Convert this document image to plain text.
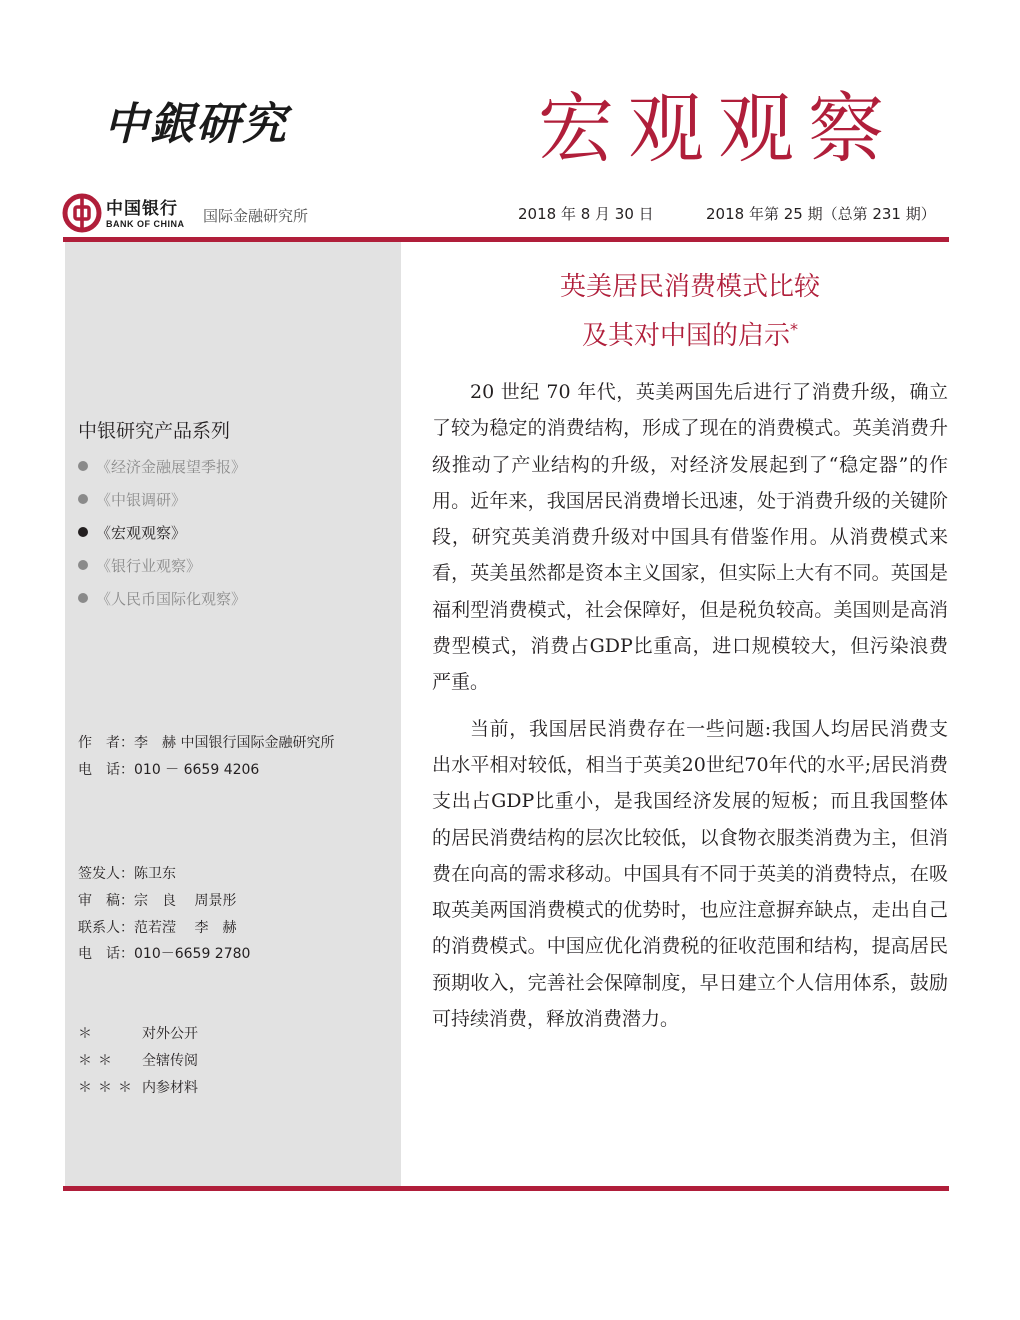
中銀研究	宏观观察
中国银行
BANK OF CHINA 国际金融研究所	2018 年 8 月 30 日	2018 年第 25 期（总第 231 期）
中银研究产品系列
《经济金融展望季报》
《中银调研》
《宏观观察》
《银行业观察》
《人民币国际化观察》
作　者：李　赫 中国银行国际金融研究所
电　话：010 － 6659 4206
签发人：陈卫东
审　稿：宗　良　 周景彤
联系人：范若滢　 李　赫
电　话：010－6659 2780
＊	对外公开
＊＊ 全辖传阅
＊＊＊ 内参材料
英美居民消费模式比较
及其对中国的启示*

20 世纪 70 年代，英美两国先后进行了消费升级，确立了较为稳定的消费结构，形成了现在的消费模式。英美消费升级推动了产业结构的升级，对经济发展起到了“稳定器”的作用。近年来，我国居民消费增长迅速，处于消费升级的关键阶段，研究英美消费升级对中国具有借鉴作用。从消费模式来看，英美虽然都是资本主义国家，但实际上大有不同。英国是福利型消费模式，社会保障好，但是税负较高。美国则是高消费型模式，消费占GDP比重高，进口规模较大，但污染浪费严重。

当前，我国居民消费存在一些问题:我国人均居民消费支出水平相对较低，相当于英美20世纪70年代的水平;居民消费支出占GDP比重小，是我国经济发展的短板；而且我国整体的居民消费结构的层次比较低，以食物衣服类消费为主，但消费在向高的需求移动。中国具有不同于英美的消费特点，在吸取英美两国消费模式的优势时，也应注意摒弃缺点，走出自己的消费模式。中国应优化消费税的征收范围和结构，提高居民预期收入，完善社会保障制度，早日建立个人信用体系，鼓励可持续消费，释放消费潜力。
